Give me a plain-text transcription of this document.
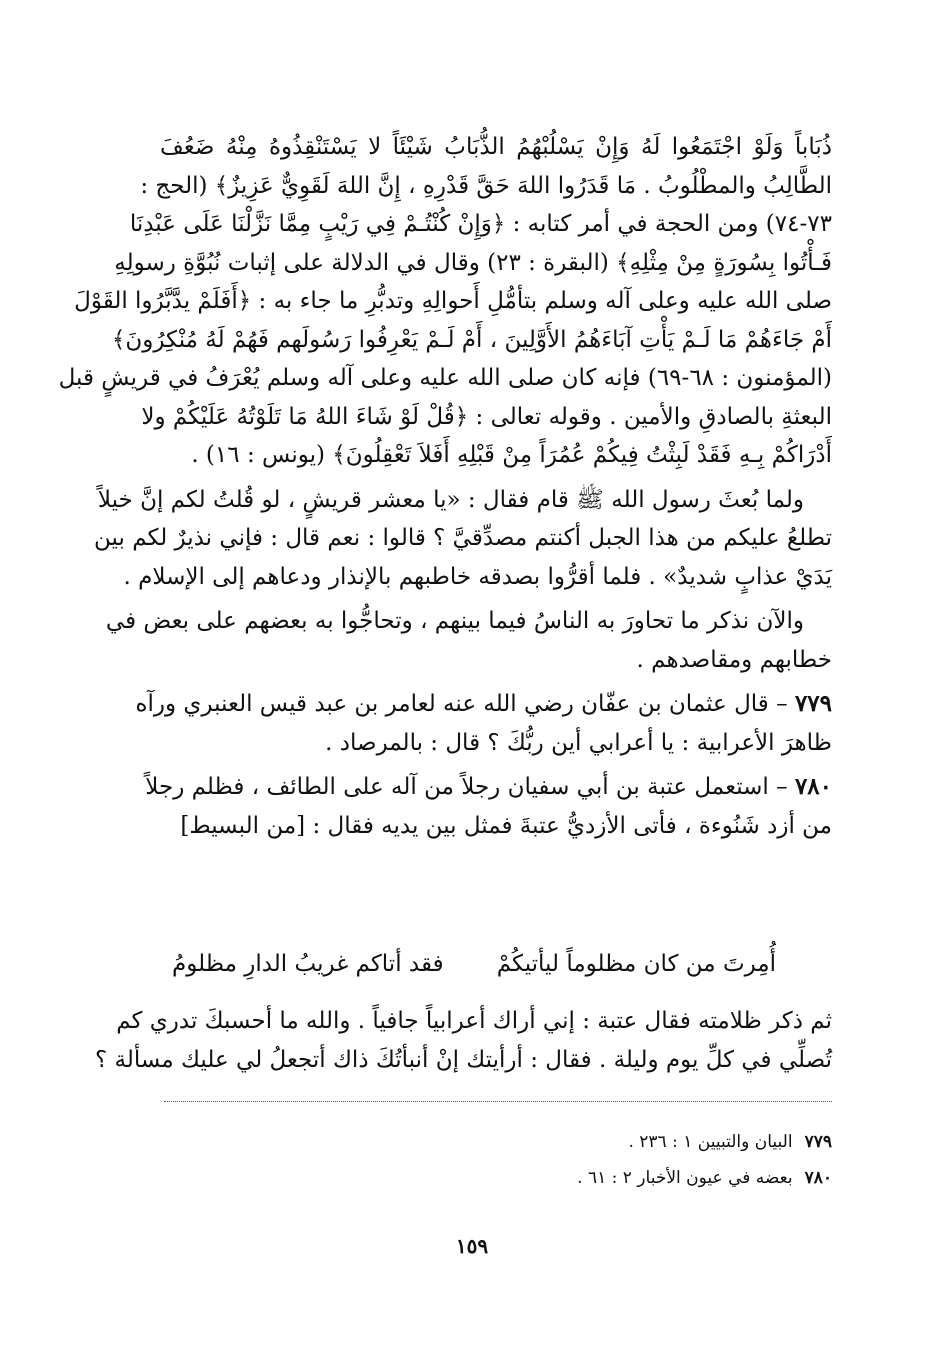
ذُبَاباً وَلَوْ اجْتَمَعُوا لَهُ وَإِنْ يَسْلُبْهُمُ الذُّبَابُ شَيْئَاً لا يَسْتَنْقِذُوهُ مِنْهُ ضَعُفَ
الطَّالِبُ والمطْلُوبُ . مَا قَدَرُوا اللهَ حَقَّ قَدْرِهِ ، إِنَّ اللهَ لَقَوِيٌّ عَزِيزٌ﴾ (الحج :
٧٣-٧٤) ومن الحجة في أمر كتابه : ﴿وَإِنْ كُنْتُـمْ فِي رَيْبٍ مِمَّا نَزَّلْنَا عَلَى عَبْدِنَا
فَـأْتُوا بِسُورَةٍ مِنْ مِثْلِهِ﴾ (البقرة : ٢٣) وقال في الدلالة على إثبات نُبُوَّةِ رسولِهِ
صلى الله عليه وعلى آله وسلم بتأمُّلِ أَحوالِهِ وتدبُّرِ ما جاء به : ﴿أَفَلَمْ يدَّبَّرُوا القَوْلَ
أَمْ جَاءَهُمْ مَا لَـمْ يَأْتِ آبَاءَهُمُ الأَوَّلِينَ ، أَمْ لَـمْ يَعْرِفُوا رَسُولَهم فَهُمْ لَهُ مُنْكِرُونَ﴾
(المؤمنون : ٦٨-٦٩) فإنه كان صلى الله عليه وعلى آله وسلم يُعْرَفُ في قريشٍ قبل
البعثةِ بالصادقِ والأمين . وقوله تعالى : ﴿قُلْ لَوْ شَاءَ اللهُ مَا تَلَوْتُهُ عَلَيْكُمْ ولا
أَدْرَاكُمْ بِـهِ فَقَدْ لَبِثْتُ فِيكُمْ عُمُرَاً مِنْ قَبْلِهِ أَفَلاَ تَعْقِلُونَ﴾ (يونس : ١٦) .
ولما بُعثَ رسول الله ﷺ قام فقال : «يا معشر قريشٍ ، لو قُلتُ لكم إنَّ خيلاً
تطلعُ عليكم من هذا الجبل أكنتم مصدِّقيَّ ؟ قالوا : نعم قال : فإني نذيرٌ لكم بين
يَدَيْ عذابٍ شديدٌ» . فلما أقرُّوا بصدقه خاطبهم بالإنذار ودعاهم إلى الإسلام .
والآن نذكر ما تحاورَ به الناسُ فيما بينهم ، وتحاجُّوا به بعضهم على بعض في
خطابهم ومقاصدهم .
٧٧٩ – قال عثمان بن عفّان رضي الله عنه لعامر بن عبد قيس العنبري ورآه
ظاهرَ الأعرابية : يا أعرابي أين ربُّكَ ؟ قال : بالمرصاد .
٧٨٠ – استعمل عتبة بن أبي سفيان رجلاً من آله على الطائف ، فظلم رجلاً
من أزد شَنُوءة ، فأتى الأزديُّ عتبةَ فمثل بين يديه فقال : [من البسيط]
أُمِرتَ من كان مظلوماً ليأتيكُمْ
فقد أتاكم غريبُ الدارِ مظلومُ
ثم ذكر ظلامته فقال عتبة : إني أراك أعرابياً جافياً . والله ما أحسبكَ تدري كم
تُصلِّي في كلِّ يوم وليلة . فقال : أرأيتك إنْ أنبأتُكَ ذاك أتجعلُ لي عليك مسألة ؟
٧٧٩البيان والتبيين ١ : ٢٣٦ .
٧٨٠بعضه في عيون الأخبار ٢ : ٦١ .
١٥٩
